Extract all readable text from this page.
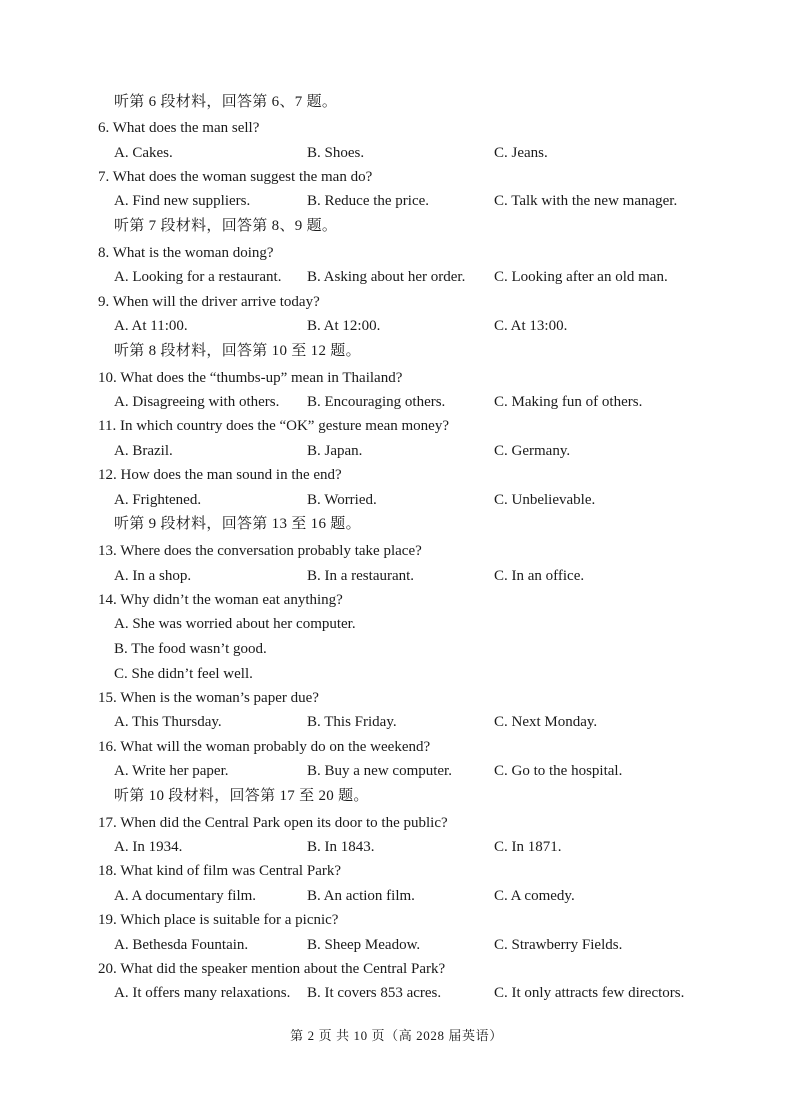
听第 6 段材料，回答第 6、7 题。
6. What does the man sell?
A. Cakes.	B. Shoes.	C. Jeans.
7. What does the woman suggest the man do?
A. Find new suppliers.	B. Reduce the price.	C. Talk with the new manager.
听第 7 段材料，回答第 8、9 题。
8. What is the woman doing?
A. Looking for a restaurant. B. Asking about her order. C. Looking after an old man.
9. When will the driver arrive today?
A. At 11:00.	B. At 12:00.	C. At 13:00.
听第 8 段材料，回答第 10 至 12 题。
10. What does the “thumbs-up” mean in Thailand?
A. Disagreeing with others. B. Encouraging others.	C. Making fun of others.
11. In which country does the “OK” gesture mean money?
A. Brazil.	B. Japan.	C. Germany.
12. How does the man sound in the end?
A. Frightened.	B. Worried.	C. Unbelievable.
听第 9 段材料，回答第 13 至 16 题。
13. Where does the conversation probably take place?
A. In a shop.	B. In a restaurant.	C. In an office.
14. Why didn’t the woman eat anything?
A. She was worried about her computer.
B. The food wasn’t good.
C. She didn’t feel well.
15. When is the woman’s paper due?
A. This Thursday.	B. This Friday.	C. Next Monday.
16. What will the woman probably do on the weekend?
A. Write her paper.	B. Buy a new computer.	C. Go to the hospital.
听第 10 段材料，回答第 17 至 20 题。
17. When did the Central Park open its door to the public?
A. In 1934.	B. In 1843.	C. In 1871.
18. What kind of film was Central Park?
A. A documentary film.	B. An action film.	C. A comedy.
19. Which place is suitable for a picnic?
A. Bethesda Fountain.	B. Sheep Meadow.	C. Strawberry Fields.
20. What did the speaker mention about the Central Park?
A. It offers many relaxations. B. It covers 853 acres.	C. It only attracts few directors.
第 2 页 共 10 页（高 2028 届英语）
